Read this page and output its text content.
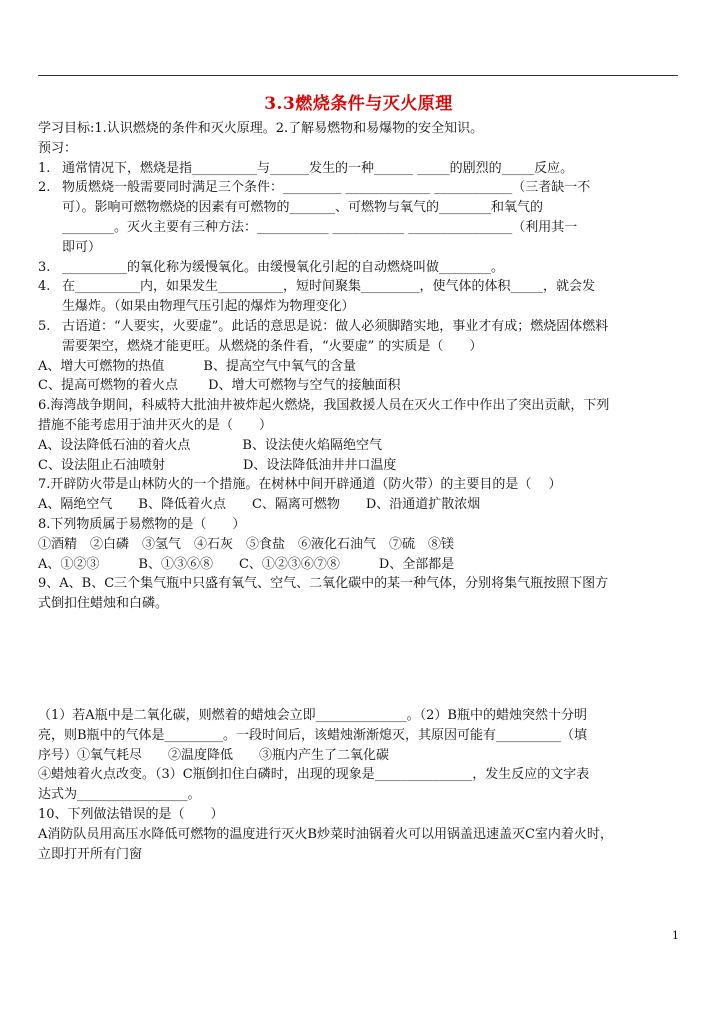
3.3燃烧条件与灭火原理
学习目标:1.认识燃烧的条件和灭火原理。2.了解易燃物和易爆物的安全知识。
预习：
1. 通常情况下，燃烧是指__________与______发生的一种______ _____的剧烈的_____反应。
2. 物质燃烧一般需要同时满足三个条件：_________ _____________ ____________（三者缺一不
可）。影响可燃物燃烧的因素有可燃物的_______、可燃物与氧气的________和氧气的
________。灭火主要有三种方法：___________ ___________ ________________（利用其一
即可）
3. __________的氧化称为缓慢氧化。由缓慢氧化引起的自动燃烧叫做________。
4. 在__________内，如果发生__________，短时间聚集_________，使气体的体积_____，就会发
生爆炸。（如果由物理气压引起的爆炸为物理变化）
5. 古语道：“人要实，火要虚”。此话的意思是说：做人必须脚踏实地，事业才有成；燃烧固体燃料
需要架空，燃烧才能更旺。从燃烧的条件看，“火要虚” 的实质是（　　）
A、增大可燃物的热值　　　B、提高空气中氧气的含量
C、提高可燃物的着火点　　 D、增大可燃物与空气的接触面积
6.海湾战争期间，科威特大批油井被炸起火燃烧，我国救援人员在灭火工作中作出了突出贡献，下列
措施不能考虑用于油井灭火的是（　　）
A、设法降低石油的着火点　　　　B、设法使火焰隔绝空气
C、设法阻止石油喷射　　　　　　D、设法降低油井井口温度
7.开辟防火带是山林防火的一个措施。在树林中间开辟通道（防火带）的主要目的是（　 ）
A、隔绝空气　　B、降低着火点　　C、隔离可燃物　　D、沿通道扩散浓烟
8.下列物质属于易燃物的是（　　）
①酒精　②白磷　③氢气　④石灰　⑤食盐　⑥液化石油气　⑦硫　⑧镁
A、①②③　　　B、①③⑥⑧　　C、①②③⑥⑦⑧　　　D、全部都是
9、A、B、C三个集气瓶中只盛有氧气、空气、二氧化碳中的某一种气体，分别将集气瓶按照下图方
式倒扣住蜡烛和白磷。
（1）若A瓶中是二氧化碳，则燃着的蜡烛会立即______________。（2）B瓶中的蜡烛突然十分明
亮，则B瓶中的气体是_________。一段时间后，该蜡烛渐渐熄灭，其原因可能有__________（填
序号）①氧气耗尽　　②温度降低　　③瓶内产生了二氧化碳
④蜡烛着火点改变。（3）C瓶倒扣住白磷时，出现的现象是_______________，发生反应的文字表
达式为_________________。
10、下列做法错误的是（　　）
A消防队员用高压水降低可燃物的温度进行灭火B炒菜时油锅着火可以用锅盖迅速盖灭C室内着火时，
立即打开所有门窗
1
